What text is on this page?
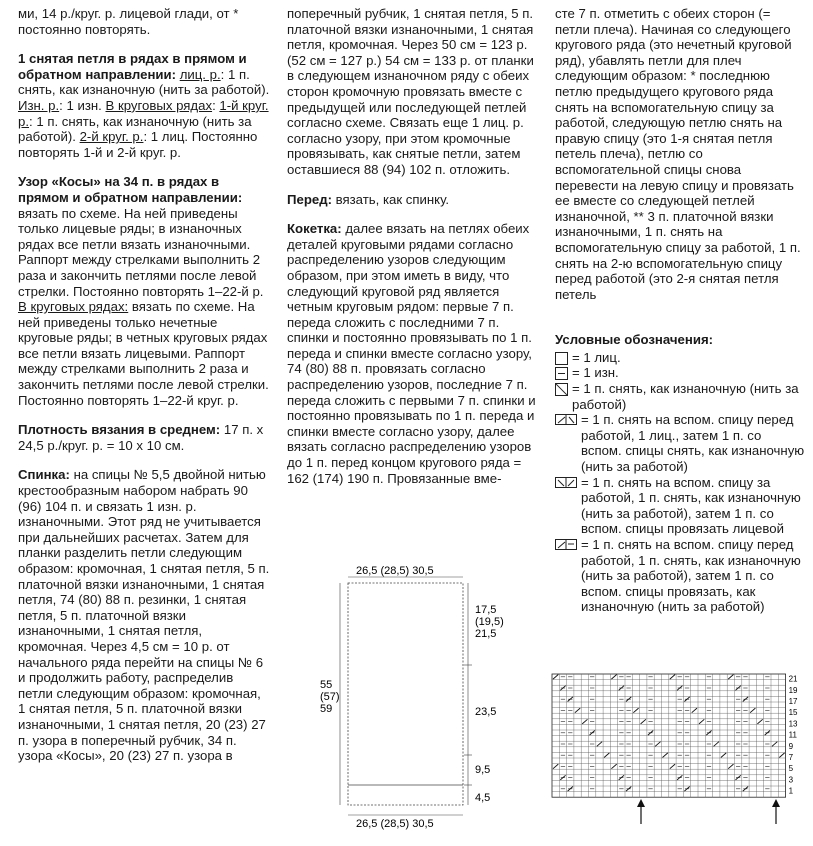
ми, 14 р./круг. р. лицевой глади, от * постоянно повторять.

1 снятая петля в рядах в прямом и обратном направлении: лиц. р.: 1 п. снять, как изнаночную (нить за работой). Изн. р.: 1 изн. В круговых рядах: 1-й круг. р.: 1 п. снять, как изнаночную (нить за работой). 2-й круг. р.: 1 лиц. Постоянно повторять 1-й и 2-й круг. р.

Узор «Косы» на 34 п. в рядах в прямом и обратном направлении: вязать по схеме. На ней приведены только лицевые ряды; в изнаночных рядах все петли вязать изнаночными. Раппорт между стрелками выполнить 2 раза и закончить петлями после левой стрелки. Постоянно повторять 1–22-й р. В круговых рядах: вязать по схеме. На ней приведены только нечетные круговые ряды; в четных круговых рядах все петли вязать лицевыми. Раппорт между стрелками выполнить 2 раза и закончить петлями после левой стрелки. Постоянно повторять 1–22-й круг. р.

Плотность вязания в среднем: 17 п. х 24,5 р./круг. р. = 10 х 10 см.

Спинка: на спицы № 5,5 двойной нитью крестообразным набором набрать 90 (96) 104 п. и связать 1 изн. р. изнаночными. Этот ряд не учитывается при дальнейших расчетах. Затем для планки разделить петли следующим образом: кромочная, 1 снятая петля, 5 п. платочной вязки изнаночными, 1 снятая петля, 74 (80) 88 п. резинки, 1 снятая петля, 5 п. платочной вязки изнаночными, 1 снятая петля, кромочная. Через 4,5 см = 10 р. от начального ряда перейти на спицы № 6 и продолжить работу, распределив петли следующим образом: кромочная, 1 снятая петля, 5 п. платочной вязки изнаночными, 1 снятая петля, 20 (23) 27 п. узора в поперечный рубчик, 34 п. узора «Косы», 20 (23) 27 п. узора в

поперечный рубчик, 1 снятая петля, 5 п. платочной вязки изнаночными, 1 снятая петля, кромочная. Через 50 см = 123 р. (52 см = 127 р.) 54 см = 133 р. от планки в следующем изнаночном ряду с обеих сторон кромочную провязать вместе с предыдущей или последующей петлей согласно схеме. Связать еще 1 лиц. р. согласно узору, при этом кромочные провязывать, как снятые петли, затем оставшиеся 88 (94) 102 п. отложить.

Перед: вязать, как спинку.

Кокетка: далее вязать на петлях обеих деталей круговыми рядами согласно распределению узоров следующим образом, при этом иметь в виду, что следующий круговой ряд является четным круговым рядом: первые 7 п. переда сложить с последними 7 п. спинки и постоянно провязывать по 1 п. переда и спинки вместе согласно узору, 74 (80) 88 п. провязать согласно распределению узоров, последние 7 п. переда сложить с первыми 7 п. спинки и постоянно провязывать по 1 п. переда и спинки вместе согласно узору, далее вязать согласно распределению узоров до 1 п. перед концом кругового ряда = 162 (174) 190 п. Провязанные вме-

26,5 (28,5) 30,5
26,5 (28,5) 30,5
17,5
(19,5)
21,5
23,5
9,5
4,5
55
(57)
59

сте 7 п. отметить с обеих сторон (= петли плеча). Начиная со следующего кругового ряда (это нечетный круговой ряд), убавлять петли для плеч следующим образом: * последнюю петлю предыдущего кругового ряда снять на вспомогательную спицу за работой, следующую петлю снять на правую спицу (это 1-я снятая петля петель плеча), петлю со вспомогательной спицы снова перевести на левую спицу и провязать ее вместе со следующей петлей изнаночной, ** 3 п. платочной вязки изнаночными, 1 п. снять на вспомогательную спицу за работой, 1 п. снять на 2-ю вспомогательную спицу перед работой (это 2-я снятая петля петель

Условные обозначения:
= 1 лиц.
= 1 изн.
= 1 п. снять, как изнаночную (нить за работой)
= 1 п. снять на вспом. спицу перед работой, 1 лиц., затем 1 п. со вспом. спицы снять, как изнаночную (нить за работой)
= 1 п. снять на вспом. спицу за работой, 1 п. снять, как изнаночную (нить за работой), затем 1 п. со вспом. спицы провязать лицевой
= 1 п. снять на вспом. спицу перед работой, 1 п. снять, как изнаночную (нить за работой), затем 1 п. со вспом. спицы провязать, как изнаночную (нить за работой)
21
19
17
15
13
11
9
7
5
3
1
